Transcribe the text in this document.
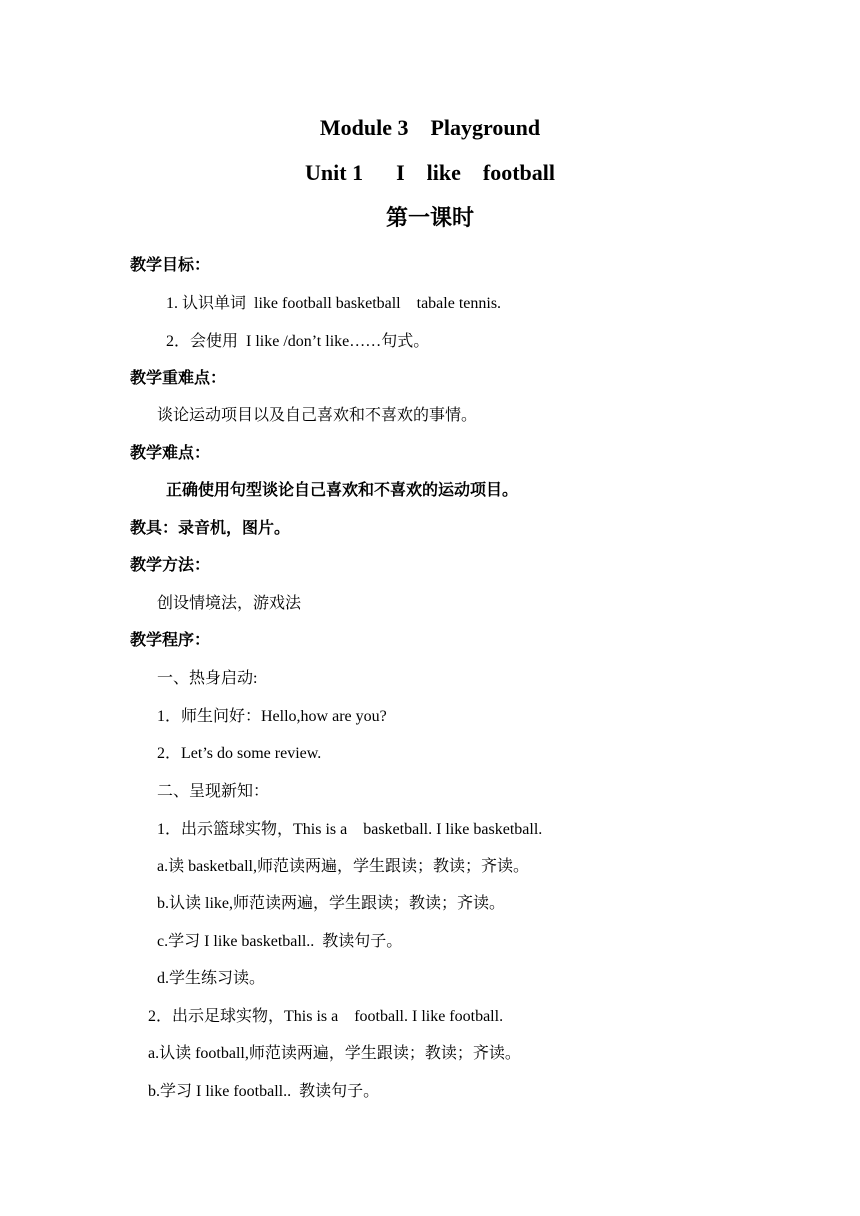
Module 3    Playground
Unit 1      I    like    football
第一课时
教学目标：
1. 认识单词  like football basketball    tabale tennis.
2．会使用  I like /don’t like……句式。
教学重难点：
谈论运动项目以及自己喜欢和不喜欢的事情。
教学难点：
正确使用句型谈论自己喜欢和不喜欢的运动项目。
教具：录音机，图片。
教学方法：
创设情境法，游戏法
教学程序：
一、热身启动:
1．师生问好：Hello,how are you?
2．Let’s do some review.
二、呈现新知：
1．出示篮球实物，This is a    basketball. I like basketball.
a.读 basketball,师范读两遍，学生跟读；教读；齐读。
b.认读 like,师范读两遍，学生跟读；教读；齐读。
c.学习 I like basketball..  教读句子。
d.学生练习读。
2．出示足球实物，This is a    football. I like football.
a.认读 football,师范读两遍，学生跟读；教读；齐读。
b.学习 I like football..  教读句子。
